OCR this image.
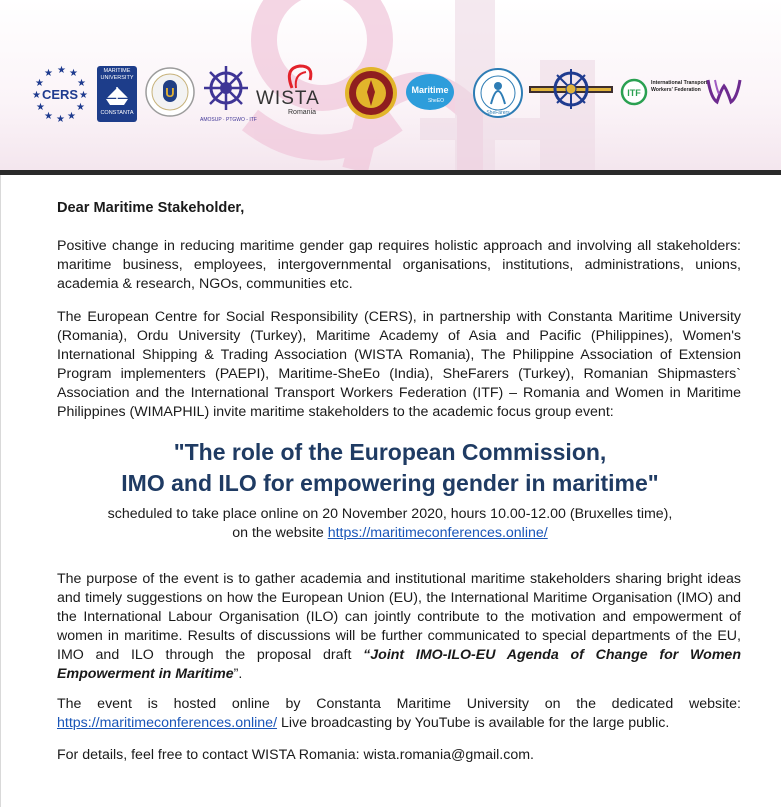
★ ★
★
★
★
★
★
★
★
★
★
★
CERS
MARITIME
UNIVERSITY
CONSTANTA
U
AMOSUP · PTGWO - ITF
WISTA
Romania
Maritime
SheEO
SheFarers
ITF
International Transport Workers' Federation
Dear Maritime Stakeholder,
Positive change in reducing maritime gender gap requires holistic approach and involving all stakeholders: maritime business, employees, intergovernmental organisations, institutions, administrations, unions, academia & research, NGOs, communities etc.
The European Centre for Social Responsibility (CERS), in partnership with Constanta Maritime University (Romania), Ordu University (Turkey), Maritime Academy of Asia and Pacific (Philippines), Women's International Shipping & Trading Association (WISTA Romania), The Philippine Association of Extension Program implementers (PAEPI), Maritime-SheEo (India), SheFarers (Turkey), Romanian Shipmasters` Association and the International Transport Workers Federation (ITF) – Romania and Women in Maritime Philippines (WIMAPHIL) invite maritime stakeholders to the academic focus group event:
"The role of the European Commission,
IMO and ILO for empowering gender in maritime"
scheduled to take place online on 20 November 2020, hours 10.00-12.00 (Bruxelles time),
on the website https://maritimeconferences.online/
The purpose of the event is to gather academia and institutional maritime stakeholders sharing bright ideas and timely suggestions on how the European Union (EU), the International Maritime Organisation (IMO) and the International Labour Organisation (ILO) can jointly contribute to the motivation and empowerment of women in maritime. Results of discussions will be further communicated to special departments of the EU, IMO and ILO through the proposal draft “Joint IMO-ILO-EU Agenda of Change for Women Empowerment in Maritime”.
The event is hosted online by Constanta Maritime University on the dedicated website: https://maritimeconferences.online/ Live broadcasting by YouTube is available for the large public.
For details, feel free to contact WISTA Romania: wista.romania@gmail.com.
